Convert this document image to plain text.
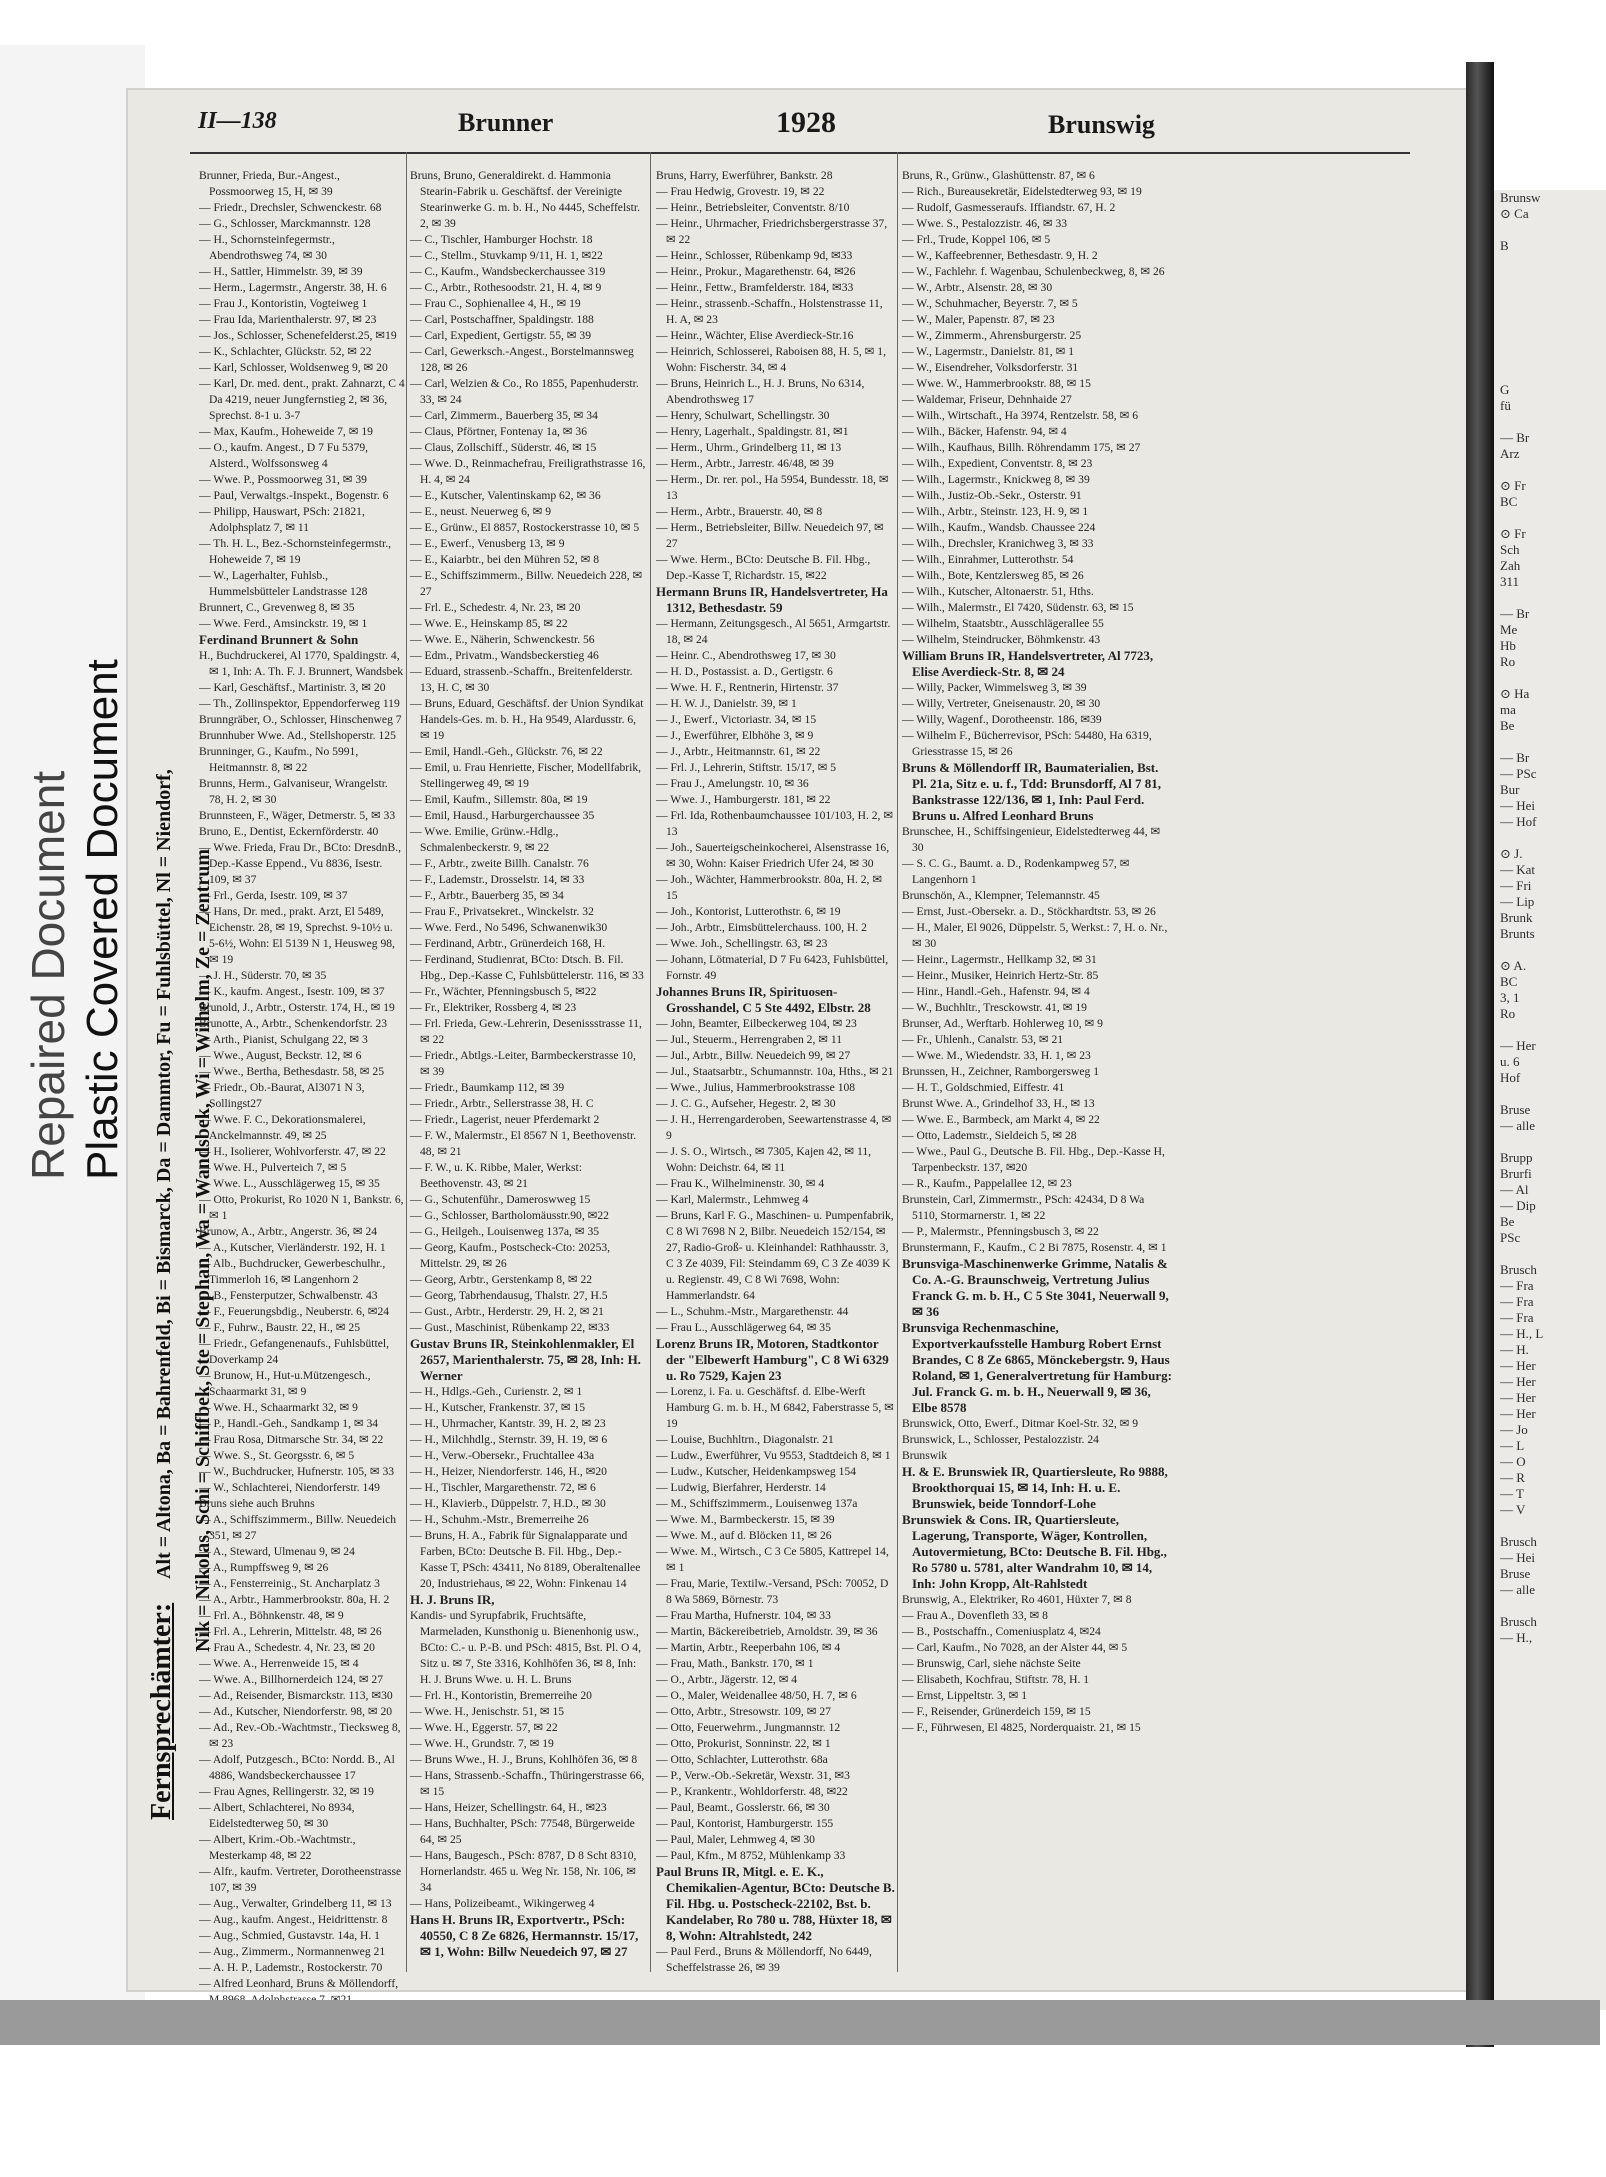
Repaired Document Plastic Covered Document
II—138	Brunner	1928	Brunswig
Fernsprechämter: Alt = Altona, Ba = Bahrenfeld, Bi = Bismarck, Da = Dammtor, Fu = Fuhlsbüttel, Nl = Niendorf, Nik = Nikolas, Schi = Schiffbek, Ste = Stephan, Wa = Wandsbek, Wi = Wilhelm, Ze = Zentrum

Brunner, Frieda, Bur.-Angest., Possmoorweg 15, H, ✉ 39

— Friedr., Drechsler, Schwenckestr. 68

— G., Schlosser, Marckmannstr. 128

— H., Schornsteinfegermstr., Abendrothsweg 74, ✉ 30

— H., Sattler, Himmelstr. 39, ✉ 39

— Herm., Lagermstr., Angerstr. 38, H. 6

— Frau J., Kontoristin, Vogteiweg 1

— Frau Ida, Marienthalerstr. 97, ✉ 23

— Jos., Schlosser, Schenefelderst.25, ✉19

— K., Schlachter, Glückstr. 52, ✉ 22

— Karl, Schlosser, Woldsenweg 9, ✉ 20

— Karl, Dr. med. dent., prakt. Zahnarzt, C 4 Da 4219, neuer Jungfernstieg 2, ✉ 36, Sprechst. 8-1 u. 3-7

— Max, Kaufm., Hoheweide 7, ✉ 19

— O., kaufm. Angest., D 7 Fu 5379, Alsterd., Wolfssonsweg 4

— Wwe. P., Possmoorweg 31, ✉ 39

— Paul, Verwaltgs.-Inspekt., Bogenstr. 6

— Philipp, Hauswart, PSch: 21821, Adolphsplatz 7, ✉ 11

— Th. H. L., Bez.-Schornsteinfegermstr., Hoheweide 7, ✉ 19

— W., Lagerhalter, Fuhlsb., Hummelsbütteler Landstrasse 128

Brunnert, C., Grevenweg 8, ✉ 35

— Wwe. Ferd., Amsinckstr. 19, ✉ 1

Ferdinand Brunnert & Sohn

H., Buchdruckerei, Al 1770, Spaldingstr. 4, ✉ 1, Inh: A. Th. F. J. Brunnert, Wandsbek

— Karl, Geschäftsf., Martinistr. 3, ✉ 20

— Th., Zollinspektor, Eppendorferweg 119

Brunngräber, O., Schlosser, Hinschenweg 7

Brunnhuber Wwe. Ad., Stellshoperstr. 125

Brunninger, G., Kaufm., No 5991, Heitmannstr. 8, ✉ 22

Brunns, Herm., Galvaniseur, Wrangelstr. 78, H. 2, ✉ 30

Brunnsteen, F., Wäger, Detmerstr. 5, ✉ 33

Bruno, E., Dentist, Eckernförderstr. 40

— Wwe. Frieda, Frau Dr., BCto: DresdnB., Dep.-Kasse Eppend., Vu 8836, Isestr. 109, ✉ 37

— Frl., Gerda, Isestr. 109, ✉ 37

— Hans, Dr. med., prakt. Arzt, El 5489, Eichenstr. 28, ✉ 19, Sprechst. 9-10½ u. 5-6½, Wohn: El 5139 N 1, Heusweg 98, ✉ 19

— J. H., Süderstr. 70, ✉ 35

— K., kaufm. Angest., Isestr. 109, ✉ 37

Brunold, J., Arbtr., Osterstr. 174, H., ✉ 19

Brunotte, A., Arbtr., Schenkendorfstr. 23

— Arth., Pianist, Schulgang 22, ✉ 3

— Wwe., August, Beckstr. 12, ✉ 6

— Wwe., Bertha, Bethesdastr. 58, ✉ 25

— Friedr., Ob.-Baurat, Al3071 N 3, Sollingst27

— Wwe. F. C., Dekorationsmalerei, Anckelmannstr. 49, ✉ 25

— H., Isolierer, Wohlvorferstr. 47, ✉ 22

— Wwe. H., Pulverteich 7, ✉ 5

— Wwe. L., Ausschlägerweg 15, ✉ 35

— Otto, Prokurist, Ro 1020 N 1, Bankstr. 6, ✉ 1

Brunow, A., Arbtr., Angerstr. 36, ✉ 24

— A., Kutscher, Vierländerstr. 192, H. 1

— Alb., Buchdrucker, Gewerbeschulhr., Timmerloh 16, ✉ Langenhorn 2

— B., Fensterputzer, Schwalbenstr. 43

— F., Feuerungsbdig., Neuberstr. 6, ✉24

— F., Fuhrw., Baustr. 22, H., ✉ 25

— Friedr., Gefangenenaufs., Fuhlsbüttel, Doverkamp 24

— Brunow, H., Hut-u.Mützengesch., Schaarmarkt 31, ✉ 9

— Wwe. H., Schaarmarkt 32, ✉ 9

— P., Handl.-Geh., Sandkamp 1, ✉ 34

— Frau Rosa, Ditmarsche Str. 34, ✉ 22

— Wwe. S., St. Georgsstr. 6, ✉ 5

— W., Buchdrucker, Hufnerstr. 105, ✉ 33

— W., Schlachterei, Niendorferstr. 149

Bruns siehe auch Bruhns

— A., Schiffszimmerm., Billw. Neuedeich 351, ✉ 27

— A., Steward, Ulmenau 9, ✉ 24

— A., Rumpffsweg 9, ✉ 26

— A., Fensterreinig., St. Ancharplatz 3

— A., Arbtr., Hammerbrookstr. 80a, H. 2

— Frl. A., Böhnkenstr. 48, ✉ 9

— Frl. A., Lehrerin, Mittelstr. 48, ✉ 26

— Frau A., Schedestr. 4, Nr. 23, ✉ 20

— Wwe. A., Herrenweide 15, ✉ 4

— Wwe. A., Billhornerdeich 124, ✉ 27

— Ad., Reisender, Bismarckstr. 113, ✉30

— Ad., Kutscher, Niendorferstr. 98, ✉ 20

— Ad., Rev.-Ob.-Wachtmstr., Tiecksweg 8, ✉ 23

— Adolf, Putzgesch., BCto: Nordd. B., Al 4886, Wandsbeckerchaussee 17

— Frau Agnes, Rellingerstr. 32, ✉ 19

— Albert, Schlachterei, No 8934, Eidelstedterweg 50, ✉ 30

— Albert, Krim.-Ob.-Wachtmstr., Mesterkamp 48, ✉ 22

— Alfr., kaufm. Vertreter, Dorotheenstrasse 107, ✉ 39

— Aug., Verwalter, Grindelberg 11, ✉ 13

— Aug., kaufm. Angest., Heidrittenstr. 8

— Aug., Schmied, Gustavstr. 14a, H. 1

— Aug., Zimmerm., Normannenweg 21

— A. H. P., Lademstr., Rostockerstr. 70

— Alfred Leonhard, Bruns & Möllendorff,

Bruns, Bruno, Generaldirekt. d. Hammonia Stearin-Fabrik u. Geschäftsf. der Vereinigte Stearinwerke G. m. b. H., No 4445, Scheffelstr. 2, ✉ 39

— C., Tischler, Hamburger Hochstr. 18

— C., Stellm., Stuvkamp 9/11, H. 1, ✉22

— C., Kaufm., Wandsbeckerchaussee 319

— C., Arbtr., Rothesoodstr. 21, H. 4, ✉ 9

— Frau C., Sophienallee 4, H., ✉ 19

— Carl, Postschaffner, Spaldingstr. 188

— Carl, Expedient, Gertigstr. 55, ✉ 39

— Carl, Gewerksch.-Angest., Borstelmannsweg 128, ✉ 26

— Carl, Welzien & Co., Ro 1855, Papenhuderstr. 33, ✉ 24

— Carl, Zimmerm., Bauerberg 35, ✉ 34

— Claus, Pförtner, Fontenay 1a, ✉ 36

— Claus, Zollschiff., Süderstr. 46, ✉ 15

— Wwe. D., Reinmachefrau, Freiligrathstrasse 16, H. 4, ✉ 24

— E., Kutscher, Valentinskamp 62, ✉ 36

— E., neust. Neuerweg 6, ✉ 9

— E., Grünw., El 8857, Rostockerstrasse 10, ✉ 5

— E., Ewerf., Venusberg 13, ✉ 9

— E., Kaiarbtr., bei den Mühren 52, ✉ 8

— E., Schiffszimmerm., Billw. Neuedeich 228, ✉ 27

— Frl. E., Schedestr. 4, Nr. 23, ✉ 20

— Wwe. E., Heinskamp 85, ✉ 22

— Wwe. E., Näherin, Schwenckestr. 56

— Edm., Privatm., Wandsbeckerstieg 46

— Eduard, strassenb.-Schaffn., Breitenfelderstr. 13, H. C, ✉ 30

— Bruns, Eduard, Geschäftsf. der Union Syndikat Handels-Ges. m. b. H., Ha 9549, Alardusstr. 6, ✉ 19

— Emil, Handl.-Geh., Glückstr. 76, ✉ 22

— Emil, u. Frau Henriette, Fischer, Modellfabrik, Stellingerweg 49, ✉ 19

— Emil, Kaufm., Sillemstr. 80a, ✉ 19

— Emil, Hausd., Harburgerchaussee 35

— Wwe. Emilie, Grünw.-Hdlg., Schmalenbeckerstr. 9, ✉ 22

— F., Arbtr., zweite Billh. Canalstr. 76

— F., Lademstr., Drosselstr. 14, ✉ 33

— F., Arbtr., Bauerberg 35, ✉ 34

— Frau F., Privatsekret., Winckelstr. 32

— Wwe. Ferd., No 5496, Schwanenwik30

— Ferdinand, Arbtr., Grünerdeich 168, H.

— Ferdinand, Studienrat, BCto: Dtsch. B. Fil. Hbg., Dep.-Kasse C, Fuhlsbüttelerstr. 116, ✉ 33

— Fr., Wächter, Pfenningsbusch 5, ✉22

— Fr., Elektriker, Rossberg 4, ✉ 23

— Frl. Frieda, Gew.-Lehrerin, Desenissstrasse 11, ✉ 22

— Friedr., Abtlgs.-Leiter, Barmbeckerstrasse 10, ✉ 39

— Friedr., Baumkamp 112, ✉ 39

— Friedr., Arbtr., Sellerstrasse 38, H. C

— Friedr., Lagerist, neuer Pferdemarkt 2

— F. W., Malermstr., El 8567 N 1, Beethovenstr. 48, ✉ 21

— F. W., u. K. Ribbe, Maler, Werkst: Beethovenstr. 43, ✉ 21

— G., Schutenführ., Dameroswweg 15

— G., Schlosser, Bartholomäusstr.90, ✉22

— G., Heilgeh., Louisenweg 137a, ✉ 35

— Georg, Kaufm., Postscheck-Cto: 20253, Mittelstr. 29, ✉ 26

— Georg, Arbtr., Gerstenkamp 8, ✉ 22

— Georg, Tabrhendausug, Thalstr. 27, H.5

— Gust., Arbtr., Herderstr. 29, H. 2, ✉ 21

— Gust., Maschinist, Rübenkamp 22, ✉33

Gustav Bruns IR, Steinkohlenmakler, El 2657, Marienthalerstr. 75, ✉ 28, Inh: H. Werner

— H., Hdlgs.-Geh., Curienstr. 2, ✉ 1

— H., Kutscher, Frankenstr. 37, ✉ 15

— H., Uhrmacher, Kantstr. 39, H. 2, ✉ 23

— H., Milchhdlg., Sternstr. 39, H. 19, ✉ 6

— H., Verw.-Obersekr., Fruchtallee 43a

— H., Heizer, Niendorferstr. 146, H., ✉20

— H., Tischler, Margarethenstr. 72, ✉ 6

— H., Klavierb., Düppelstr. 7, H.D., ✉ 30

— H., Schuhm.-Mstr., Bremerreihe 26

— Bruns, H. A., Fabrik für Signalapparate und Farben, BCto: Deutsche B. Fil. Hbg., Dep.-Kasse T, PSch: 43411, No 8189, Oberaltenallee 20, Industriehaus, ✉ 22, Wohn: Finkenau 14

H. J. Bruns IR,

Kandis- und Syrupfabrik, Fruchtsäfte, Marmeladen, Kunsthonig u. Bienenhonig usw., BCto: C.- u. P.-B. und PSch: 4815, Bst. Pl. O 4, Sitz u. ✉ 7, Ste 3316, Kohlhöfen 36, ✉ 8, Inh: H. J. Bruns Wwe. u. H. L. Bruns

— Frl. H., Kontoristin, Bremerreihe 20

— Wwe. H., Jenischstr. 51, ✉ 15

— Wwe. H., Eggerstr. 57, ✉ 22

— Wwe. H., Grundstr. 7, ✉ 19

— Bruns Wwe., H. J., Bruns, Kohlhöfen 36, ✉ 8

— Hans, Strassenb.-Schaffn., Thüringerstrasse 66, ✉ 15

— Hans, Heizer, Schellingstr. 64, H., ✉23

— Hans, Buchhalter, PSch: 77548, Bürgerweide 64, ✉ 25

— Hans, Baugesch., PSch: 8787, D 8 Scht 8310, Hornerlandstr. 465 u. Weg Nr. 158, Nr. 106, ✉ 34

— Hans, Polizeibeamt., Wikingerweg 4

Hans H. Bruns IR, Exportvertr., PSch: 40550, C 8 Ze 6826, Hermannstr. 15/17, ✉ 1, Wohn: Billw Neuedeich 97, ✉ 27

Bruns, Harry, Ewerführer, Bankstr. 28

— Frau Hedwig, Grovestr. 19, ✉ 22

— Heinr., Betriebsleiter, Conventstr. 8/10

— Heinr., Uhrmacher, Friedrichsbergerstrasse 37, ✉ 22

— Heinr., Schlosser, Rübenkamp 9d, ✉33

— Heinr., Prokur., Magarethenstr. 64, ✉26

— Heinr., Fettw., Bramfelderstr. 184, ✉33

— Heinr., strassenb.-Schaffn., Holstenstrasse 11, H. A, ✉ 23

— Heinr., Wächter, Elise Averdieck-Str.16

— Heinrich, Schlosserei, Raboisen 88, H. 5, ✉ 1, Wohn: Fischerstr. 34, ✉ 4

— Bruns, Heinrich L., H. J. Bruns, No 6314, Abendrothsweg 17

— Henry, Schulwart, Schellingstr. 30

— Henry, Lagerhalt., Spaldingstr. 81, ✉1

— Herm., Uhrm., Grindelberg 11, ✉ 13

— Herm., Arbtr., Jarrestr. 46/48, ✉ 39

— Herm., Dr. rer. pol., Ha 5954, Bundesstr. 18, ✉ 13

— Herm., Arbtr., Brauerstr. 40, ✉ 8

— Herm., Betriebsleiter, Billw. Neuedeich 97, ✉ 27

— Wwe. Herm., BCto: Deutsche B. Fil. Hbg., Dep.-Kasse T, Richardstr. 15, ✉22

Hermann Bruns IR, Handelsvertreter, Ha 1312, Bethesdastr. 59

— Hermann, Zeitungsgesch., Al 5651, Armgartstr. 18, ✉ 24

— Heinr. C., Abendrothsweg 17, ✉ 30

— H. D., Postassist. a. D., Gertigstr. 6

— Wwe. H. F., Rentnerin, Hirtenstr. 37

— H. W. J., Danielstr. 39, ✉ 1

— J., Ewerf., Victoriastr. 34, ✉ 15

— J., Ewerführer, Elbhöhe 3, ✉ 9

— J., Arbtr., Heitmannstr. 61, ✉ 22

— Frl. J., Lehrerin, Stiftstr. 15/17, ✉ 5

— Frau J., Amelungstr. 10, ✉ 36

— Wwe. J., Hamburgerstr. 181, ✉ 22

— Frl. Ida, Rothenbaumchaussee 101/103, H. 2, ✉ 13

— Joh., Sauerteigscheinkocherei, Alsenstrasse 16, ✉ 30, Wohn: Kaiser Friedrich Ufer 24, ✉ 30

— Joh., Wächter, Hammerbrookstr. 80a, H. 2, ✉ 15

— Joh., Kontorist, Lutterothstr. 6, ✉ 19

— Joh., Arbtr., Eimsbüttelerchauss. 100, H. 2

— Wwe. Joh., Schellingstr. 63, ✉ 23

— Johann, Lötmaterial, D 7 Fu 6423, Fuhlsbüttel, Fornstr. 49

Johannes Bruns IR, Spirituosen-Grosshandel, C 5 Ste 4492, Elbstr. 28

— John, Beamter, Eilbeckerweg 104, ✉ 23

— Jul., Steuerm., Herrengraben 2, ✉ 11

— Jul., Arbtr., Billw. Neuedeich 99, ✉ 27

— Jul., Staatsarbtr., Schumannstr. 10a, Hths., ✉ 21

— Wwe., Julius, Hammerbrookstrasse 108

— J. C. G., Aufseher, Hegestr. 2, ✉ 30

— J. H., Herrengarderoben, Seewartenstrasse 4, ✉ 9

— J. S. O., Wirtsch., ✉ 7305, Kajen 42, ✉ 11, Wohn: Deichstr. 64, ✉ 11

— Frau K., Wilhelminenstr. 30, ✉ 4

— Karl, Malermstr., Lehmweg 4

— Bruns, Karl F. G., Maschinen- u. Pumpenfabrik, C 8 Wi 7698 N 2, Bilbr. Neuedeich 152/154, ✉ 27, Radio-Groß- u. Kleinhandel: Rathhausstr. 3, C 3 Ze 4039, Fil: Steindamm 69, C 3 Ze 4039 K u. Regienstr. 49, C 8 Wi 7698, Wohn: Hammerlandstr. 64

— L., Schuhm.-Mstr., Margarethenstr. 44

— Frau L., Ausschlägerweg 64, ✉ 35

Lorenz Bruns IR, Motoren, Stadtkontor der "Elbewerft Hamburg", C 8 Wi 6329 u. Ro 7529, Kajen 23

— Lorenz, i. Fa. u. Geschäftsf. d. Elbe-Werft Hamburg G. m. b. H., M 6842, Faberstrasse 5, ✉ 19

— Louise, Buchhltrn., Diagonalstr. 21

— Ludw., Ewerführer, Vu 9553, Stadtdeich 8, ✉ 1

— Ludw., Kutscher, Heidenkampsweg 154

— Ludwig, Bierfahrer, Herderstr. 14

— M., Schiffszimmerm., Louisenweg 137a

— Wwe. M., Barmbeckerstr. 15, ✉ 39

— Wwe. M., auf d. Blöcken 11, ✉ 26

— Wwe. M., Wirtsch., C 3 Ce 5805, Kattrepel 14, ✉ 1

— Frau, Marie, Textilw.-Versand, PSch: 70052, D 8 Wa 5869, Börnestr. 73

— Frau Martha, Hufnerstr. 104, ✉ 33

— Martin, Bäckereibetrieb, Arnoldstr. 39, ✉ 36

— Martin, Arbtr., Reeperbahn 106, ✉ 4

— Frau, Math., Bankstr. 170, ✉ 1

— O., Arbtr., Jägerstr. 12, ✉ 4

— O., Maler, Weidenallee 48/50, H. 7, ✉ 6

— Otto, Arbtr., Stresowstr. 109, ✉ 27

— Otto, Feuerwehrm., Jungmannstr. 12

— Otto, Prokurist, Sonninstr. 22, ✉ 1

— Otto, Schlachter, Lutterothstr. 68a

— P., Verw.-Ob.-Sekretär, Wexstr. 31, ✉3

— P., Krankentr., Wohldorferstr. 48, ✉22

— Paul, Beamt., Gosslerstr. 66, ✉ 30

— Paul, Kontorist, Hamburgerstr. 155

— Paul, Maler, Lehmweg 4, ✉ 30

— Paul, Kfm., M 8752, Mühlenkamp 33

Paul Bruns IR, Mitgl. e. E. K., Chemikalien-Agentur, BCto: Deutsche B. Fil. Hbg. u. Postscheck-22102, Bst. b. Kandelaber, Ro 780 u. 788, Hüxter 18, ✉ 8, Wohn: Altrahlstedt, 242

— Paul Ferd., Bruns & Möllendorff, No 6449, Scheffelstrasse 26, ✉ 39

Bruns, R., Grünw., Glashüttenstr. 87, ✉ 6

— Rich., Bureausekretär, Eidelstedterweg 93, ✉ 19

— Rudolf, Gasmesseraufs. Iffiandstr. 67, H. 2

— Wwe. S., Pestalozzistr. 46, ✉ 33

— Frl., Trude, Koppel 106, ✉ 5

— W., Kaffeebrenner, Bethesdastr. 9, H. 2

— W., Fachlehr. f. Wagenbau, Schulenbeckweg, 8, ✉ 26

— W., Arbtr., Alsenstr. 28, ✉ 30

— W., Schuhmacher, Beyerstr. 7, ✉ 5

— W., Maler, Papenstr. 87, ✉ 23

— W., Zimmerm., Ahrensburgerstr. 25

— W., Lagermstr., Danielstr. 81, ✉ 1

— W., Eisendreher, Volksdorferstr. 31

— Wwe. W., Hammerbrookstr. 88, ✉ 15

— Waldemar, Friseur, Dehnhaide 27

— Wilh., Wirtschaft., Ha 3974, Rentzelstr. 58, ✉ 6

— Wilh., Bäcker, Hafenstr. 94, ✉ 4

— Wilh., Kaufhaus, Billh. Röhrendamm 175, ✉ 27

— Wilh., Expedient, Conventstr. 8, ✉ 23

— Wilh., Lagermstr., Knickweg 8, ✉ 39

— Wilh., Justiz-Ob.-Sekr., Osterstr. 91

— Wilh., Arbtr., Steinstr. 123, H. 9, ✉ 1

— Wilh., Kaufm., Wandsb. Chaussee 224

— Wilh., Drechsler, Kranichweg 3, ✉ 33

— Wilh., Einrahmer, Lutterothstr. 54

— Wilh., Bote, Kentzlersweg 85, ✉ 26

— Wilh., Kutscher, Altonaerstr. 51, Hths.

— Wilh., Malermstr., El 7420, Südenstr. 63, ✉ 15

— Wilhelm, Staatsbtr., Ausschlägerallee 55

— Wilhelm, Steindrucker, Böhmkenstr. 43

William Bruns IR, Handelsvertreter, Al 7723, Elise Averdieck-Str. 8, ✉ 24

— Willy, Packer, Wimmelsweg 3, ✉ 39

— Willy, Vertreter, Gneisenaustr. 20, ✉ 30

— Willy, Wagenf., Dorotheenstr. 186, ✉39

— Wilhelm F., Bücherrevisor, PSch: 54480, Ha 6319, Griesstrasse 15, ✉ 26

Bruns & Möllendorff IR, Baumaterialien, Bst. Pl. 21a, Sitz e. u. f., Tdd: Brunsdorff, Al 7 81, Bankstrasse 122/136, ✉ 1, Inh: Paul Ferd. Bruns u. Alfred Leonhard Bruns

Brunschee, H., Schiffsingenieur, Eidelstedterweg 44, ✉ 30

— S. C. G., Baumt. a. D., Rodenkampweg 57, ✉ Langenhorn 1

Brunschön, A., Klempner, Telemannstr. 45

— Ernst, Just.-Obersekr. a. D., Stöckhardtstr. 53, ✉ 26

— H., Maler, El 9026, Düppelstr. 5, Werkst.: 7, H. o. Nr., ✉ 30

— Heinr., Lagermstr., Hellkamp 32, ✉ 31

— Heinr., Musiker, Heinrich Hertz-Str. 85

— Hinr., Handl.-Geh., Hafenstr. 94, ✉ 4

— W., Buchhltr., Tresckowstr. 41, ✉ 19

Brunser, Ad., Werftarb. Hohlerweg 10, ✉ 9

— Fr., Uhlenh., Canalstr. 53, ✉ 21

— Wwe. M., Wiedendstr. 33, H. 1, ✉ 23

Brunssen, H., Zeichner, Ramborgersweg 1

— H. T., Goldschmied, Eiffestr. 41

Brunst Wwe. A., Grindelhof 33, H., ✉ 13

— Wwe. E., Barmbeck, am Markt 4, ✉ 22

— Otto, Lademstr., Sieldeich 5, ✉ 28

— Wwe., Paul G., Deutsche B. Fil. Hbg., Dep.-Kasse H, Tarpenbeckstr. 137, ✉20

— R., Kaufm., Pappelallee 12, ✉ 23

Brunstein, Carl, Zimmermstr., PSch: 42434, D 8 Wa 5110, Stormarnerstr. 1, ✉ 22

— P., Malermstr., Pfenningsbusch 3, ✉ 22

Brunstermann, F., Kaufm., C 2 Bi 7875, Rosenstr. 4, ✉ 1

Brunsviga-Maschinenwerke Grimme, Natalis & Co. A.-G. Braunschweig, Vertretung Julius Franck G. m. b. H., C 5 Ste 3041, Neuerwall 9, ✉ 36

Brunsviga Rechenmaschine, Exportverkaufsstelle Hamburg Robert Ernst Brandes, C 8 Ze 6865, Mönckebergstr. 9, Haus Roland, ✉ 1, Generalvertretung für Hamburg: Jul. Franck G. m. b. H., Neuerwall 9, ✉ 36, Elbe 8578

Brunswick, Otto, Ewerf., Ditmar Koel-Str. 32, ✉ 9

Brunswick, L., Schlosser, Pestalozzistr. 24

Brunswik

H. & E. Brunswiek IR, Quartiersleute, Ro 9888, Brookthorquai 15, ✉ 14, Inh: H. u. E. Brunswiek, beide Tonndorf-Lohe

Brunswiek & Cons. IR, Quartiersleute, Lagerung, Transporte, Wäger, Kontrollen, Autovermietung, BCto: Deutsche B. Fil. Hbg., Ro 5780 u. 5781, alter Wandrahm 10, ✉ 14, Inh: John Kropp, Alt-Rahlstedt

Brunswig, A., Elektriker, Ro 4601, Hüxter 7, ✉ 8

— Frau A., Dovenfleth 33, ✉ 8

— B., Postschaffn., Comeniusplatz 4, ✉24

— Carl, Kaufm., No 7028, an der Alster 44, ✉ 5

— Brunswig, Carl, siehe nächste Seite

— Elisabeth, Kochfrau, Stiftstr. 78, H. 1

— Ernst, Lippeltstr. 3, ✉ 1

— F., Reisender, Grünerdeich 159, ✉ 15

— F., Führwesen, El 4825, Norderquaistr. 21, ✉ 15

Brunsw
⊙ Ca

B

G
fü

— Br
Arz

⊙ Fr
BC

⊙ Fr
Sch
Zah
311

— Br
Me
Hb
Ro

⊙ Ha
ma
Be

— Br
— PSc
Bur
— Hei
— Hof

⊙ J.
— Kat
— Fri
— Lip
Brunk
Brunts

⊙ A.
BC
3, 1
Ro

— Her
u. 6
Hof

Bruse
— alle

Brupp
Brurfi
— Al
— Dip
Be
PSc

Brusch
— Fra
— Fra
— Fra
— H., L
— H.
— Her
— Her
— Her
— Her
— Jo
— L
— O
— R
— T
— V

Brusch
— Hei
Bruse
— alle

Brusch
— H.,
